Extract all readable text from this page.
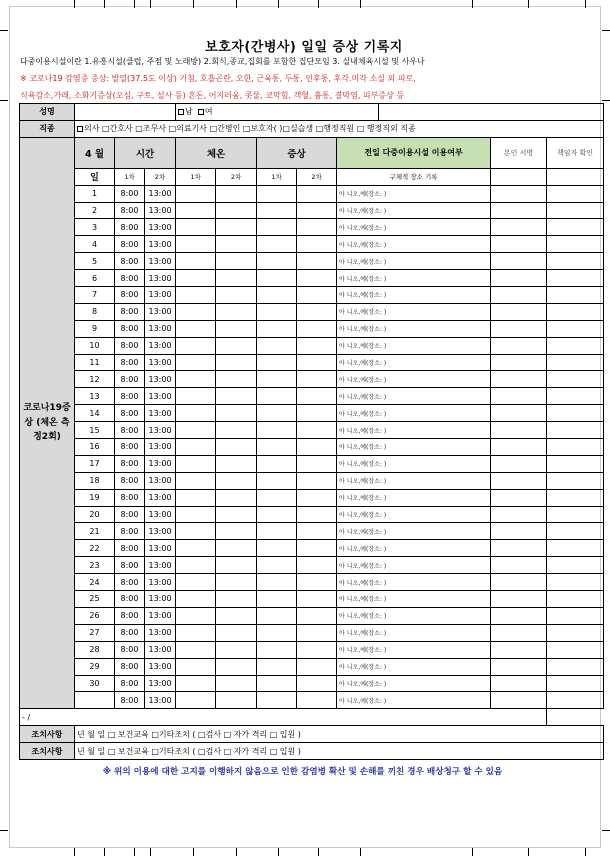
보호자(간병사) 일일 증상 기록지
다중이용시설이란 1.유흥시설(클럽, 주점 및 노래방) 2.회식,종교,집회를 포함한 집단모임 3. 실내체육시설 및 사우나
※ 코로나19 감염증 증상: 발열(37.5도 이상) 기침, 호흡곤란, 오한, 근육통, 두통, 인후통, 후각.미각 소실 외 피로,
식욕감소,가래, 소화기증상(오심, 구토, 설사 등) 혼돈, 어지러움, 콧물, 코막힘, 객혈, 흉통, 결막염, 피부증상 등
성명				남 여							
직종	의사 □간호사 □조무사 □의료기사 □간병인 □보호자( )□실습생 □행정직원 □ 행정직외 직종										
코로나19증상 (체온 측정2회)	4 월	시간		체온		증상		전일 다중이용시설 이용여부		본인 서명	책임자 확인
	일	1차	2차	1차	2차	1차	2차	구체적 장소 기록			
	1	8:00	13:00					아 니오,예(장소: )			
	2	8:00	13:00					아 니오,예(장소: )			
	3	8:00	13:00					아 니오,예(장소: )			
	4	8:00	13:00					아 니오,예(장소: )			
	5	8:00	13:00					아 니오,예(장소: )			
	6	8:00	13:00					아 니오,예(장소: )			
	7	8:00	13:00					아 니오,예(장소: )			
	8	8:00	13:00					아 니오,예(장소: )			
	9	8:00	13:00					아 니오,예(장소: )			
	10	8:00	13:00					아 니오,예(장소: )			
	11	8:00	13:00					아 니오,예(장소: )			
	12	8:00	13:00					아 니오,예(장소: )			
	13	8:00	13:00					아 니오,예(장소: )			
	14	8:00	13:00					아 니오,예(장소: )			
	15	8:00	13:00					아 니오,예(장소: )			
	16	8:00	13:00					아 니오,예(장소: )			
	17	8:00	13:00					아 니오,예(장소: )			
	18	8:00	13:00					아 니오,예(장소: )			
	19	8:00	13:00					아 니오,예(장소: )			
	20	8:00	13:00					아 니오,예(장소: )			
	21	8:00	13:00					아 니오,예(장소: )			
	22	8:00	13:00					아 니오,예(장소: )			
	23	8:00	13:00					아 니오,예(장소: )			
	24	8:00	13:00					아 니오,예(장소: )			
	25	8:00	13:00					아 니오,예(장소: )			
	26	8:00	13:00					아 니오,예(장소: )			
	27	8:00	13:00					아 니오,예(장소: )			
	28	8:00	13:00					아 니오,예(장소: )			
	29	8:00	13:00					아 니오,예(장소: )			
	30	8:00	13:00					아 니오,예(장소: )			
		8:00	13:00					아 니오,예(장소: )			
- /											
조치사항	년 월 일 □ 보건교육 □기타조치 ( □검사 □ 자가 격리 □ 입원 )										
조치사항	년 월 일 □ 보건교육 □기타조치 ( □검사 □ 자가 격리 □ 입원 )										
※ 위의 이용에 대한 고지를 이행하지 않음으로 인한 감염병 확산 및 손해를 끼친 경우 배상청구 할 수 있음
